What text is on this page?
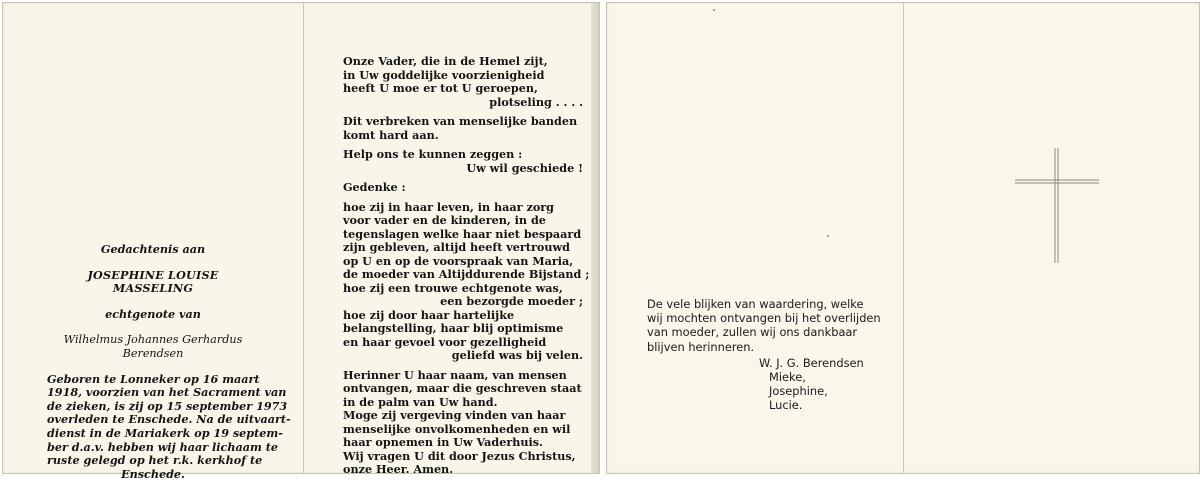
Gedachtenis aan
JOSEPHINE LOUISE MASSELING
echtgenote van
Wilhelmus Johannes Gerhardus
Berendsen
Geboren te Lonneker op 16 maart
1918, voorzien van het Sacrament van
de zieken, is zij op 15 september 1973
overleden te Enschede. Na de uitvaart-
dienst in de Mariakerk op 19 septem-
ber d.a.v. hebben wij haar lichaam te
ruste gelegd op het r.k. kerkhof te
Enschede.
Onze Vader, die in de Hemel zijt,
in Uw goddelijke voorzienigheid
heeft U moe er tot U geroepen,
plotseling . . . .
Dit verbreken van menselijke banden
komt hard aan.
Help ons te kunnen zeggen :
Uw wil geschiede !
Gedenke :
hoe zij in haar leven, in haar zorg
voor vader en de kinderen, in de
tegenslagen welke haar niet bespaard
zijn gebleven, altijd heeft vertrouwd
op U en op de voorspraak van Maria,
de moeder van Altijddurende Bijstand ;
hoe zij een trouwe echtgenote was,
een bezorgde moeder ;
hoe zij door haar hartelijke
belangstelling, haar blij optimisme
en haar gevoel voor gezelligheid
geliefd was bij velen.
Herinner U haar naam, van mensen
ontvangen, maar die geschreven staat
in de palm van Uw hand.
Moge zij vergeving vinden van haar
menselijke onvolkomenheden en wil
haar opnemen in Uw Vaderhuis.
Wij vragen U dit door Jezus Christus,
onze Heer. Amen.
De vele blijken van waardering, welke
wij mochten ontvangen bij het overlijden
van moeder, zullen wij ons dankbaar
blijven herinneren.
W. J. G. Berendsen
Mieke,
Josephine,
Lucie.
